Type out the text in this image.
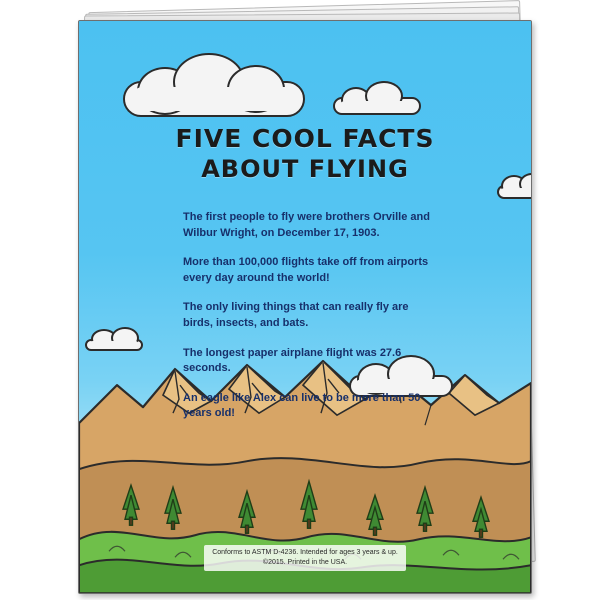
FIVE COOL FACTS
ABOUT FLYING

The first people to fly were brothers Orville and Wilbur Wright, on December 17, 1903.

More than 100,000 flights take off from airports every day around the world!

The only living things that can really fly are birds, insects, and bats.

The longest paper airplane flight was 27.6 seconds.

An eagle like Alex can live to be more than 50 years old!

Conforms to ASTM D-4236. Intended for ages 3 years & up.
©2015. Printed in the USA.
